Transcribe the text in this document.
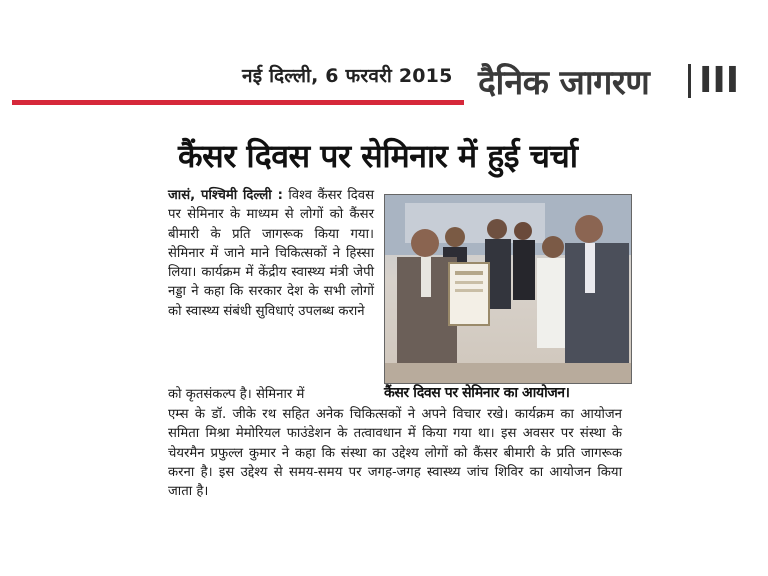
नई दिल्ली, 6 फरवरी 2015 दैनिक जागरण III
कैंसर दिवस पर सेमिनार में हुई चर्चा
जासं, पश्चिमी दिल्ली : विश्व कैंसर दिवस पर सेमिनार के माध्यम से लोगों को कैंसर बीमारी के प्रति जागरूक किया गया। सेमिनार में जाने माने चिकित्सकों ने हिस्सा लिया। कार्यक्रम में केंद्रीय स्वास्थ्य मंत्री जेपी नड्डा ने कहा कि सरकार देश के सभी लोगों को स्वास्थ्य संबंधी सुविधाएं उपलब्ध कराने
को कृतसंकल्प है। सेमिनार में	कैंसर दिवस पर सेमिनार का आयोजन।
एम्स के डॉ. जीके रथ सहित अनेक चिकित्सकों ने अपने विचार रखे। कार्यक्रम का आयोजन समिता मिश्रा मेमोरियल फाउंडेशन के तत्वावधान में किया गया था। इस अवसर पर संस्था के चेयरमैन प्रफुल्ल कुमार ने कहा कि संस्था का उद्देश्य लोगों को कैंसर बीमारी के प्रति जागरूक करना है। इस उद्देश्य से समय-समय पर जगह-जगह स्वास्थ्य जांच शिविर का आयोजन किया जाता है।
